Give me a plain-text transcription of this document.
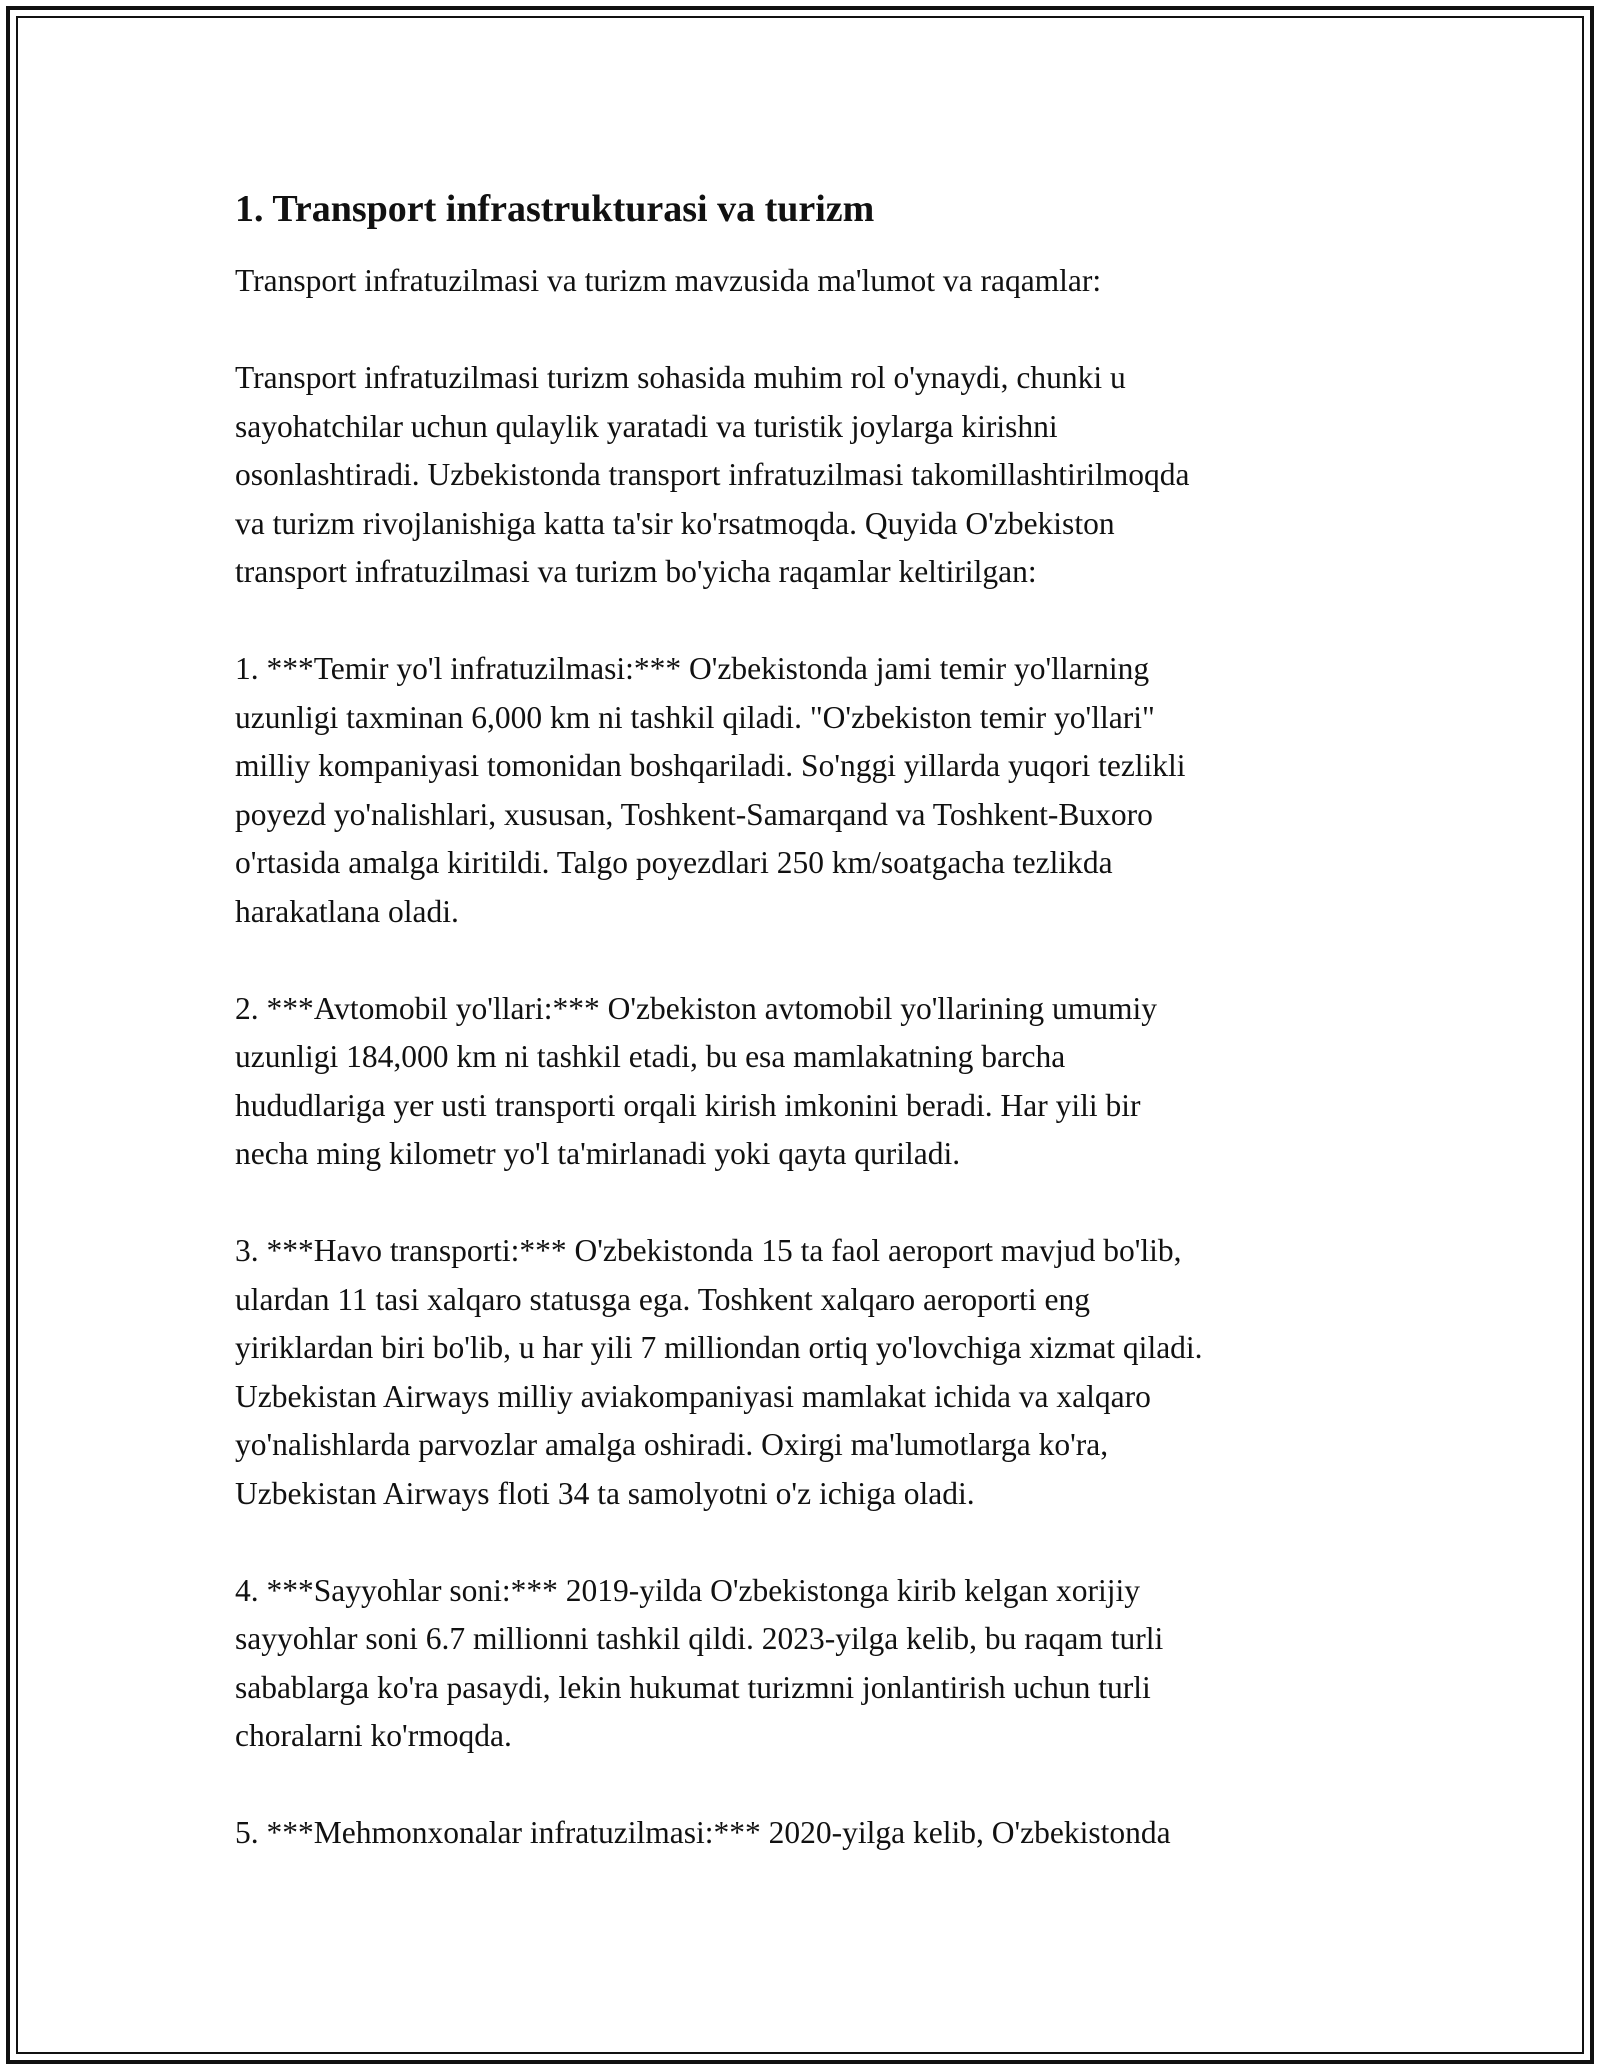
1. Transport infrastrukturasi va turizm

Transport infratuzilmasi va turizm mavzusida ma'lumot va raqamlar:

Transport infratuzilmasi turizm sohasida muhim rol o'ynaydi, chunki u
sayohatchilar uchun qulaylik yaratadi va turistik joylarga kirishni
osonlashtiradi. Uzbekistonda transport infratuzilmasi takomillashtirilmoqda
va turizm rivojlanishiga katta ta'sir ko'rsatmoqda. Quyida O'zbekiston
transport infratuzilmasi va turizm bo'yicha raqamlar keltirilgan:

1. ***Temir yo'l infratuzilmasi:*** O'zbekistonda jami temir yo'llarning
uzunligi taxminan 6,000 km ni tashkil qiladi. "O'zbekiston temir yo'llari"
milliy kompaniyasi tomonidan boshqariladi. So'nggi yillarda yuqori tezlikli
poyezd yo'nalishlari, xususan, Toshkent-Samarqand va Toshkent-Buxoro
o'rtasida amalga kiritildi. Talgo poyezdlari 250 km/soatgacha tezlikda
harakatlana oladi.

2. ***Avtomobil yo'llari:*** O'zbekiston avtomobil yo'llarining umumiy
uzunligi 184,000 km ni tashkil etadi, bu esa mamlakatning barcha
hududlariga yer usti transporti orqali kirish imkonini beradi. Har yili bir
necha ming kilometr yo'l ta'mirlanadi yoki qayta quriladi.

3. ***Havo transporti:*** O'zbekistonda 15 ta faol aeroport mavjud bo'lib,
ulardan 11 tasi xalqaro statusga ega. Toshkent xalqaro aeroporti eng
yiriklardan biri bo'lib, u har yili 7 milliondan ortiq yo'lovchiga xizmat qiladi.
Uzbekistan Airways milliy aviakompaniyasi mamlakat ichida va xalqaro
yo'nalishlarda parvozlar amalga oshiradi. Oxirgi ma'lumotlarga ko'ra,
Uzbekistan Airways floti 34 ta samolyotni o'z ichiga oladi.

4. ***Sayyohlar soni:*** 2019-yilda O'zbekistonga kirib kelgan xorijiy
sayyohlar soni 6.7 millionni tashkil qildi. 2023-yilga kelib, bu raqam turli
sabablarga ko'ra pasaydi, lekin hukumat turizmni jonlantirish uchun turli
choralarni ko'rmoqda.

5. ***Mehmonxonalar infratuzilmasi:*** 2020-yilga kelib, O'zbekistonda
